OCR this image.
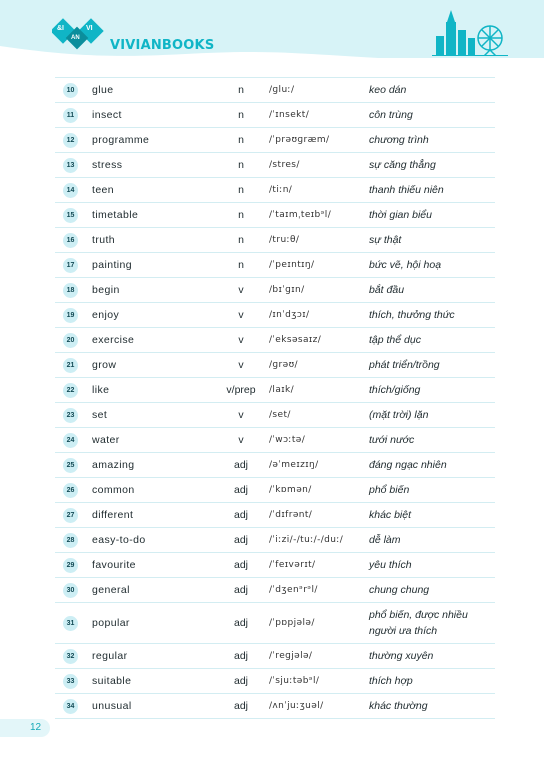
&I
AN
VI
VIVIANBOOKS
10	glue	n	/ɡluː/	keo dán
11	insect	n	/ˈɪnsekt/	côn trùng
12	programme	n	/ˈprəʊɡræm/	chương trình
13	stress	n	/stres/	sự căng thẳng
14	teen	n	/tiːn/	thanh thiếu niên
15	timetable	n	/ˈtaɪmˌteɪbᵊl/	thời gian biểu
16	truth	n	/truːθ/	sự thật
17	painting	n	/ˈpeɪntɪŋ/	bức vẽ, hội hoạ
18	begin	v	/bɪˈɡɪn/	bắt đầu
19	enjoy	v	/ɪnˈdʒɔɪ/	thích, thưởng thức
20	exercise	v	/ˈeksəsaɪz/	tập thể dục
21	grow	v	/ɡrəʊ/	phát triển/trồng
22	like	v/prep	/laɪk/	thích/giống
23	set	v	/set/	(mặt trời) lặn
24	water	v	/ˈwɔːtə/	tưới nước
25	amazing	adj	/əˈmeɪzɪŋ/	đáng ngạc nhiên
26	common	adj	/ˈkɒmən/	phổ biến
27	different	adj	/ˈdɪfrənt/	khác biệt
28	easy-to-do	adj	/ˈiːzi/-/tuː/-/duː/ dễ làm
29	favourite	adj	/ˈfeɪvərɪt/	yêu thích
30	general	adj	/ˈdʒenᵊrᵊl/	chung chung
31	popular	adj	/ˈpɒpjələ/
phổ biến, được nhiều người ưa thích
32	regular	adj	/ˈreɡjələ/	thường xuyên
33	suitable	adj	/ˈsjuːtəbᵊl/	thích hợp
34	unusual	adj	/ʌnˈjuːʒuəl/	khác thường
12
